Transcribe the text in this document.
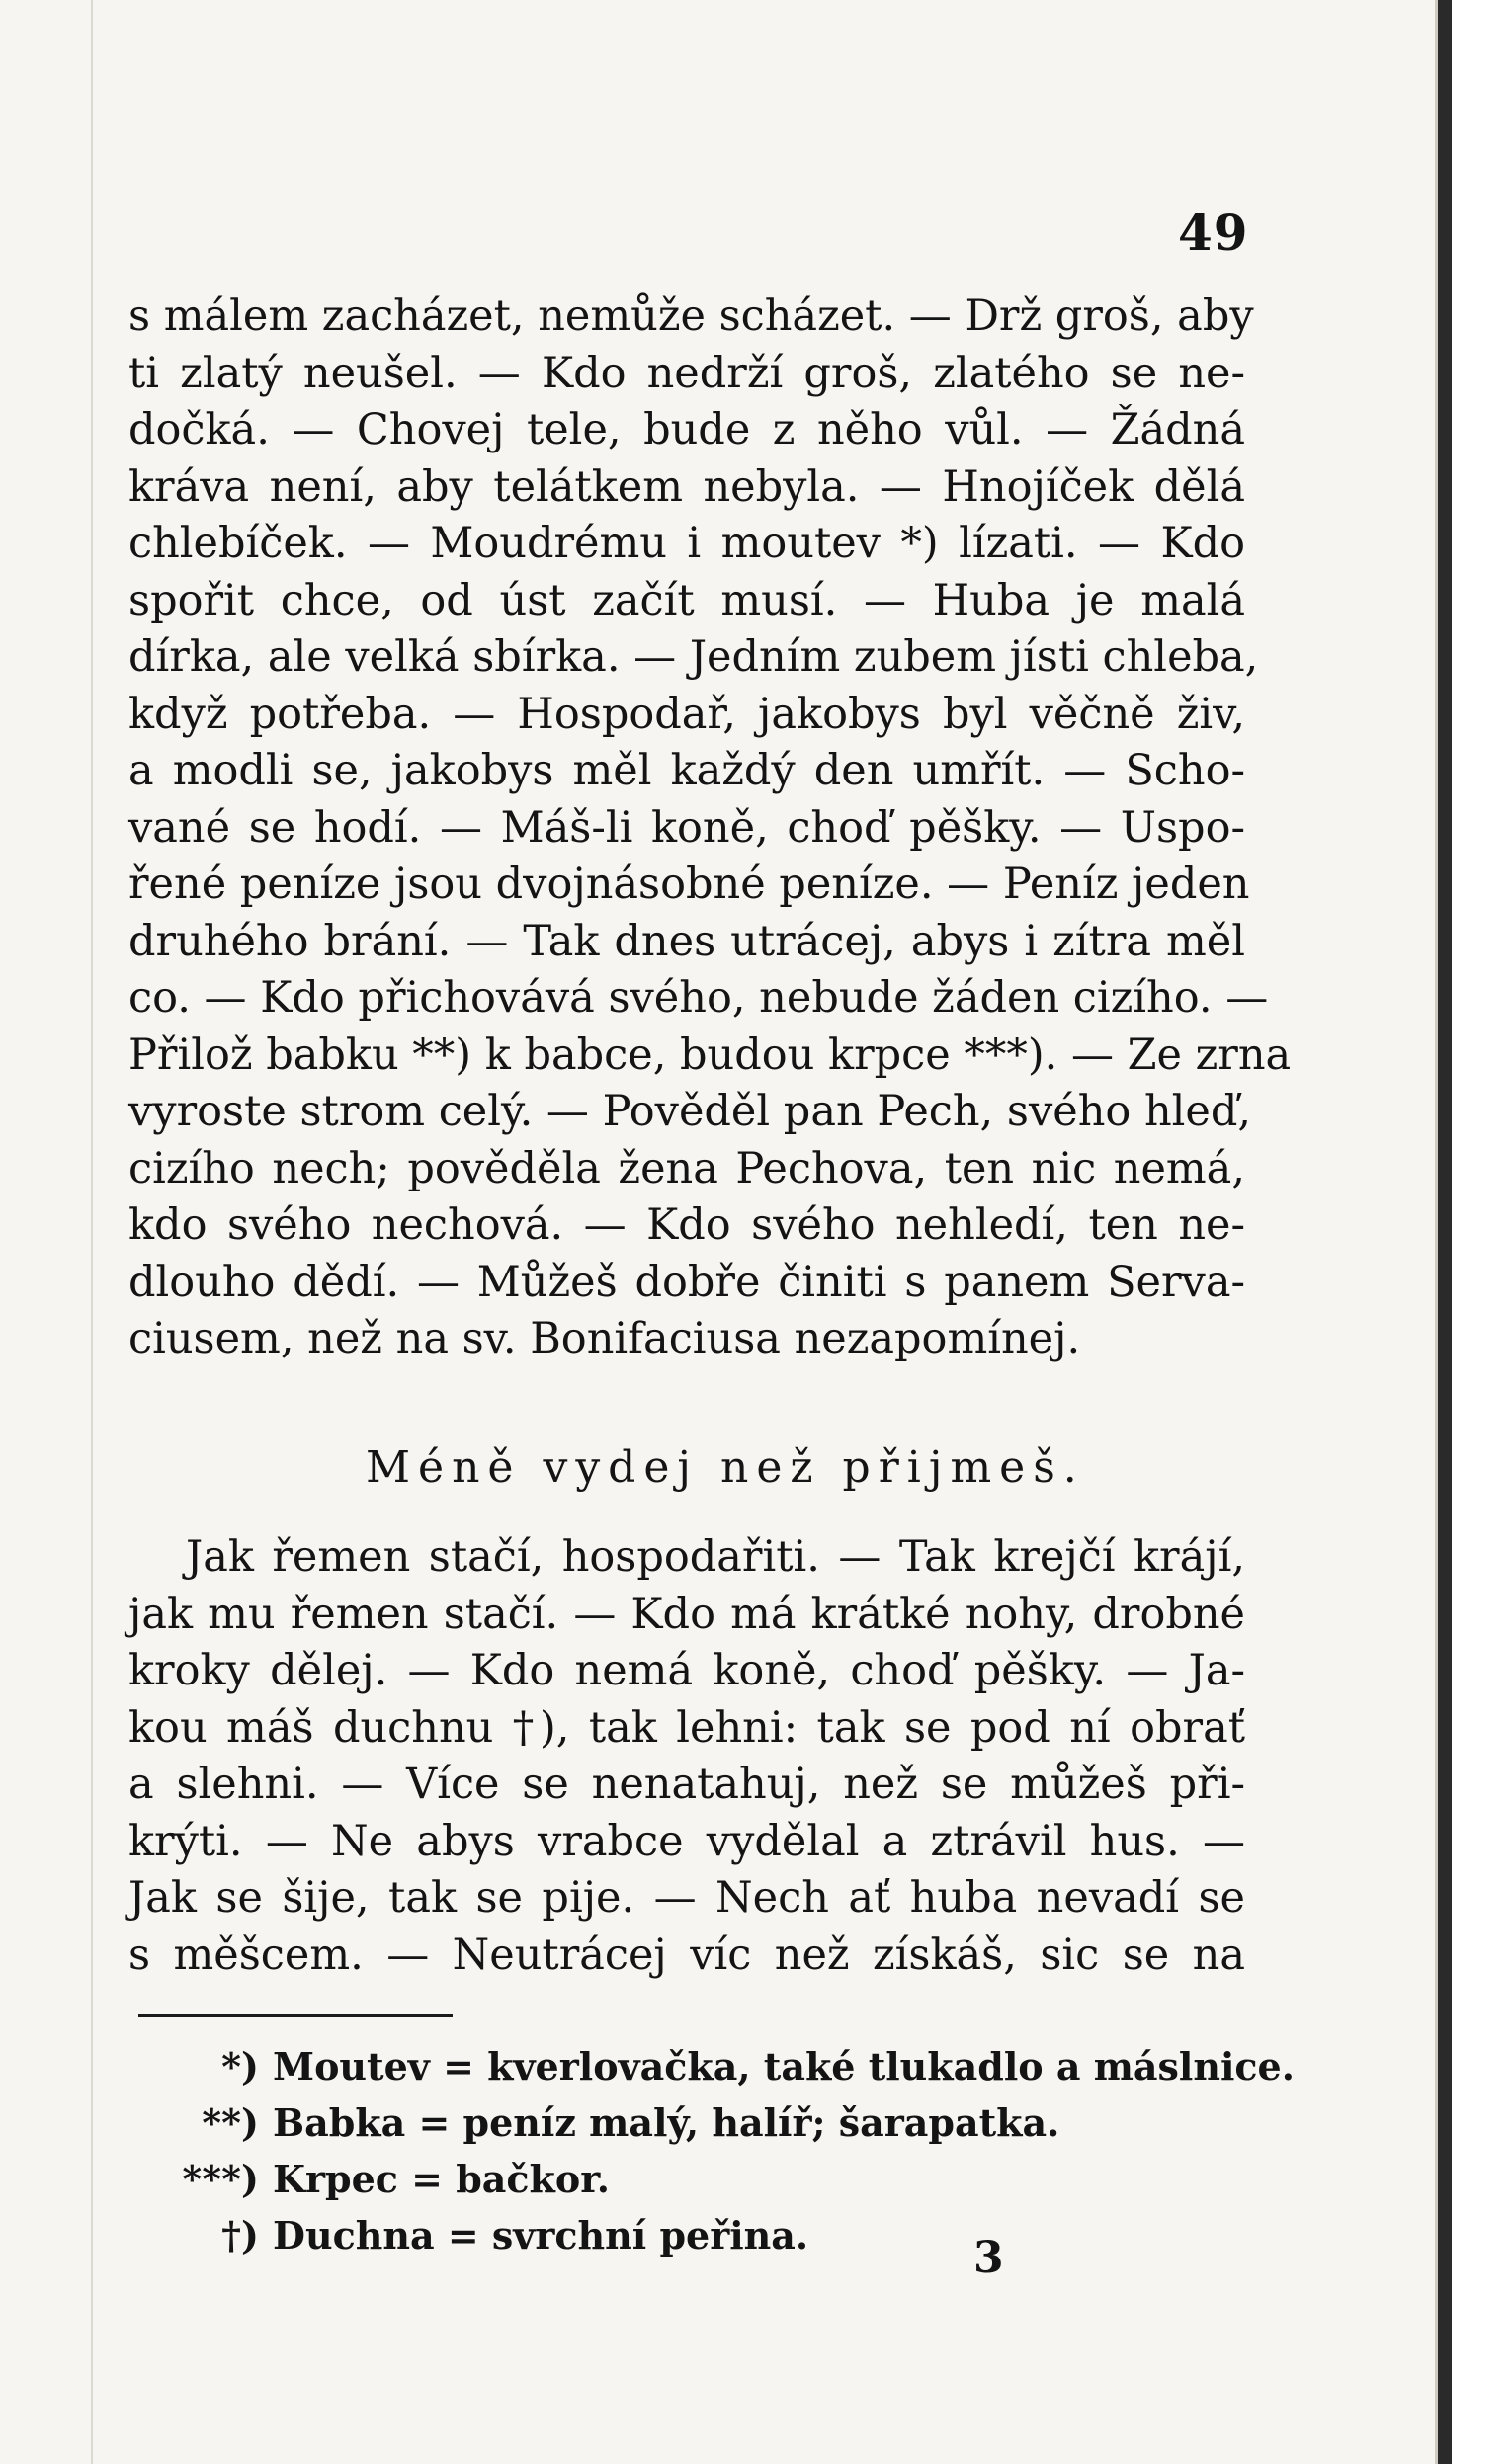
49
s málem zacházet, nemůže scházet. — Drž groš, aby
ti zlatý neušel. — Kdo nedrží groš, zlatého se ne-
dočká. — Chovej tele, bude z něho vůl. — Žádná
kráva není, aby telátkem nebyla. — Hnojíček dělá
chlebíček. — Moudrému i moutev *) lízati. — Kdo
spořit chce, od úst začít musí. — Huba je malá
dírka, ale velká sbírka. — Jedním zubem jísti chleba,
když potřeba. — Hospodař, jakobys byl věčně živ,
a modli se, jakobys měl každý den umřít. — Scho-
vané se hodí. — Máš-li koně, choď pěšky. — Uspo-
řené peníze jsou dvojnásobné peníze. — Peníz jeden
druhého brání. — Tak dnes utrácej, abys i zítra měl
co. — Kdo přichovává svého, nebude žáden cizího. —
Přilož babku **) k babce, budou krpce ***). — Ze zrna
vyroste strom celý. — Pověděl pan Pech, svého hleď,
cizího nech; pověděla žena Pechova, ten nic nemá,
kdo svého nechová. — Kdo svého nehledí, ten ne-
dlouho dědí. — Můžeš dobře činiti s panem Serva-
ciusem, než na sv. Bonifaciusa nezapomínej.
Méně vydej než přijmeš.
Jak řemen stačí, hospodařiti. — Tak krejčí krájí,
jak mu řemen stačí. — Kdo má krátké nohy, drobné
kroky dělej. — Kdo nemá koně, choď pěšky. — Ja-
kou máš duchnu †), tak lehni: tak se pod ní obrať
a slehni. — Více se nenatahuj, než se můžeš při-
krýti. — Ne abys vrabce vydělal a ztrávil hus. —
Jak se šije, tak se pije. — Nech ať huba nevadí se
s měšcem. — Neutrácej víc než získáš, sic se na
*) Moutev = kverlovačka, také tlukadlo a máslnice.
**) Babka = peníz malý, halíř; šarapatka.
***) Krpec = bačkor.
†) Duchna = svrchní peřina.	3
